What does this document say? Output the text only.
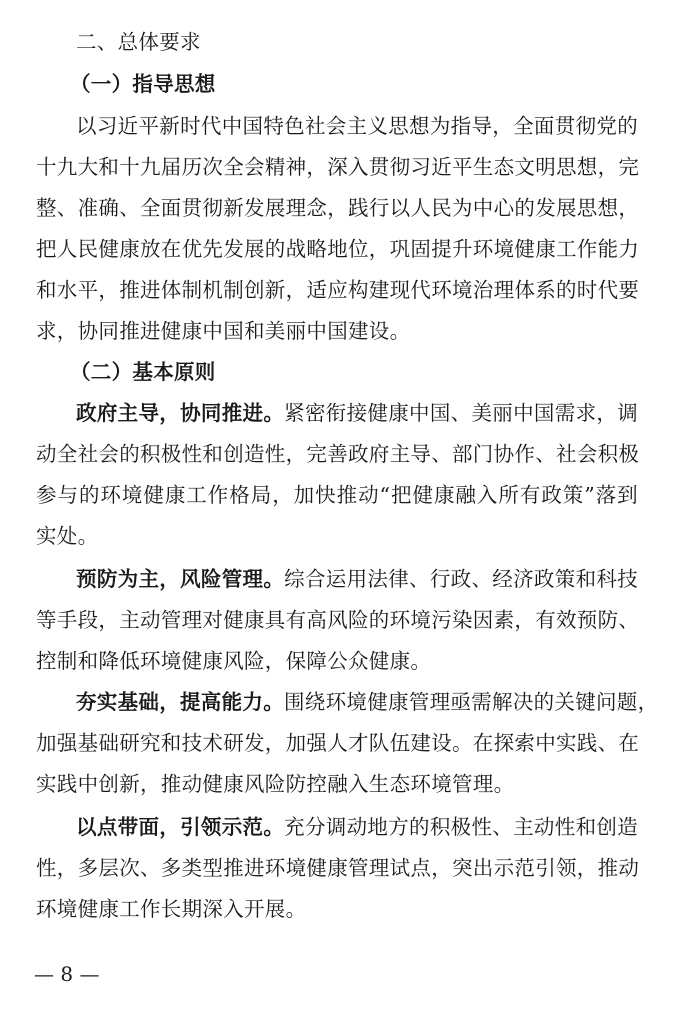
二、总体要求
（一）指导思想
以习近平新时代中国特色社会主义思想为指导，全面贯彻党的
十九大和十九届历次全会精神，深入贯彻习近平生态文明思想，完
整、准确、全面贯彻新发展理念，践行以人民为中心的发展思想，
把人民健康放在优先发展的战略地位，巩固提升环境健康工作能力
和水平，推进体制机制创新，适应构建现代环境治理体系的时代要
求，协同推进健康中国和美丽中国建设。
（二）基本原则
政府主导，协同推进。紧密衔接健康中国、美丽中国需求，调
动全社会的积极性和创造性，完善政府主导、部门协作、社会积极
参与的环境健康工作格局，加快推动“把健康融入所有政策”落到
实处。
预防为主，风险管理。综合运用法律、行政、经济政策和科技
等手段，主动管理对健康具有高风险的环境污染因素，有效预防、
控制和降低环境健康风险，保障公众健康。
夯实基础，提高能力。围绕环境健康管理亟需解决的关键问题，
加强基础研究和技术研发，加强人才队伍建设。在探索中实践、在
实践中创新，推动健康风险防控融入生态环境管理。
以点带面，引领示范。充分调动地方的积极性、主动性和创造
性，多层次、多类型推进环境健康管理试点，突出示范引领，推动
环境健康工作长期深入开展。
— 8 —
